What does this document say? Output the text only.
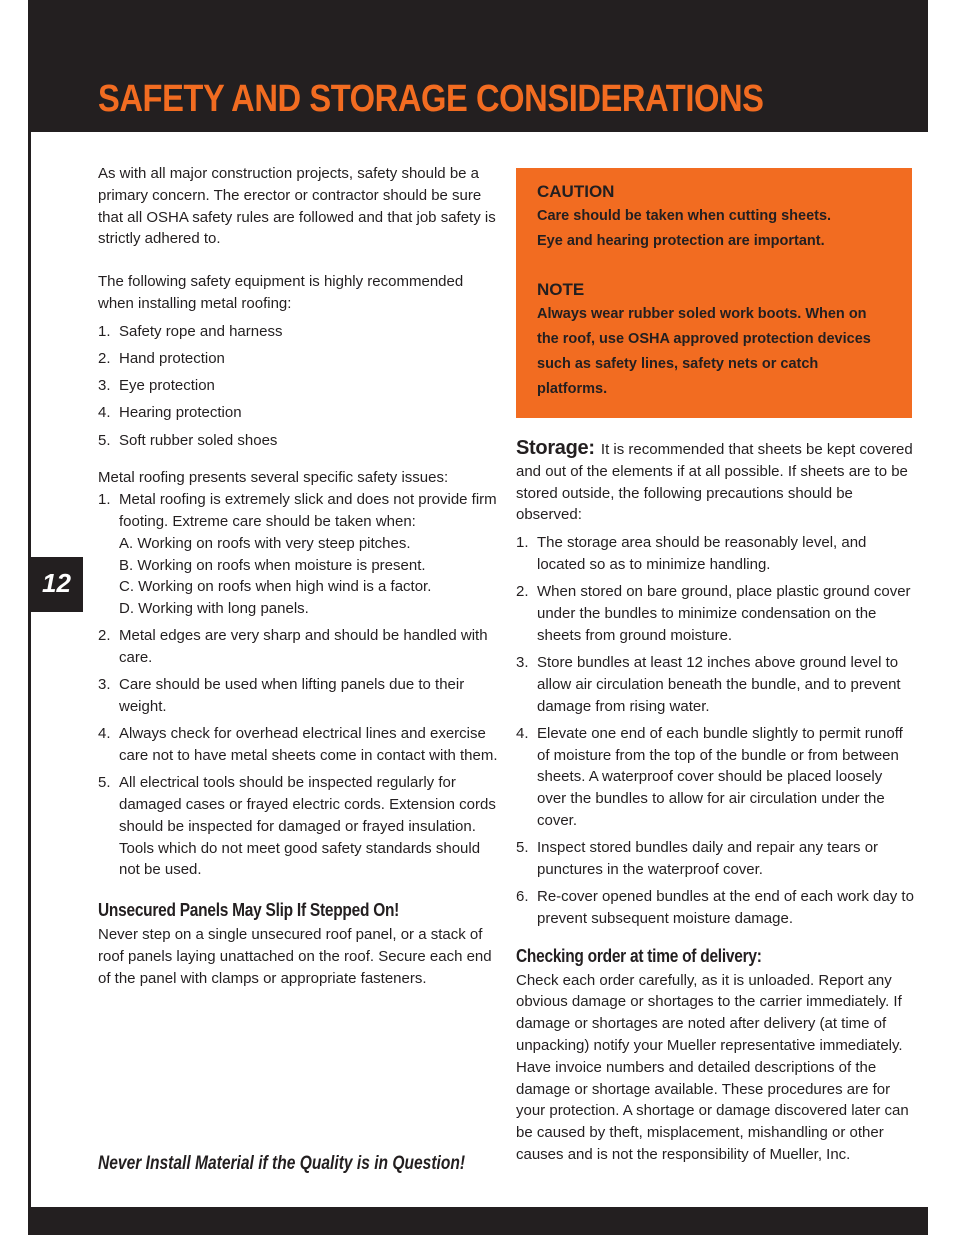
SAFETY AND STORAGE CONSIDERATIONS
12

As with all major construction projects, safety should be a primary concern. The erector or contractor should be sure that all OSHA safety rules are followed and that job safety is strictly adhered to.

The following safety equipment is highly recommended when installing metal roofing:

1. Safety rope and harness
2. Hand protection
3. Eye protection
4. Hearing protection
5. Soft rubber soled shoes

Metal roofing presents several specific safety issues:

1. Metal roofing is extremely slick and does not provide firm footing. Extreme care should be taken when:
A. Working on roofs with very steep pitches.
B. Working on roofs when moisture is present.
C. Working on roofs when high wind is a factor.
D. Working with long panels.
2. Metal edges are very sharp and should be handled with care.
3. Care should be used when lifting panels due to their weight.
4. Always check for overhead electrical lines and exercise care not to have metal sheets come in contact with them.
5. All electrical tools should be inspected regularly for damaged cases or frayed electric cords. Extension cords should be inspected for damaged or frayed insulation. Tools which do not meet good safety standards should not be used.
Unsecured Panels May Slip If Stepped On!

Never step on a single unsecured roof panel, or a stack of roof panels laying unattached on the roof. Secure each end of the panel with clamps or appropriate fasteners.

Never Install Material if the Quality is in Question!
CAUTION
Care should be taken when cutting sheets.
Eye and hearing protection are important.
NOTE
Always wear rubber soled work boots. When on the roof, use OSHA approved protection devices such as safety lines, safety nets or catch platforms.

Storage: It is recommended that sheets be kept covered and out of the elements if at all possible. If sheets are to be stored outside, the following precautions should be observed:

1. The storage area should be reasonably level, and located so as to minimize handling.
2. When stored on bare ground, place plastic ground cover under the bundles to minimize condensation on the sheets from ground moisture.
3. Store bundles at least 12 inches above ground level to allow air circulation beneath the bundle, and to prevent damage from rising water.
4. Elevate one end of each bundle slightly to permit runoff of moisture from the top of the bundle or from between sheets. A waterproof cover should be placed loosely over the bundles to allow for air circulation under the cover.
5. Inspect stored bundles daily and repair any tears or punctures in the waterproof cover.
6. Re-cover opened bundles at the end of each work day to prevent subsequent moisture damage.
Checking order at time of delivery:

Check each order carefully, as it is unloaded. Report any obvious damage or shortages to the carrier immediately. If damage or shortages are noted after delivery (at time of unpacking) notify your Mueller representative immediately. Have invoice numbers and detailed descriptions of the damage or shortage available. These procedures are for your protection. A shortage or damage discovered later can be caused by theft, misplacement, mishandling or other causes and is not the responsibility of Mueller, Inc.
